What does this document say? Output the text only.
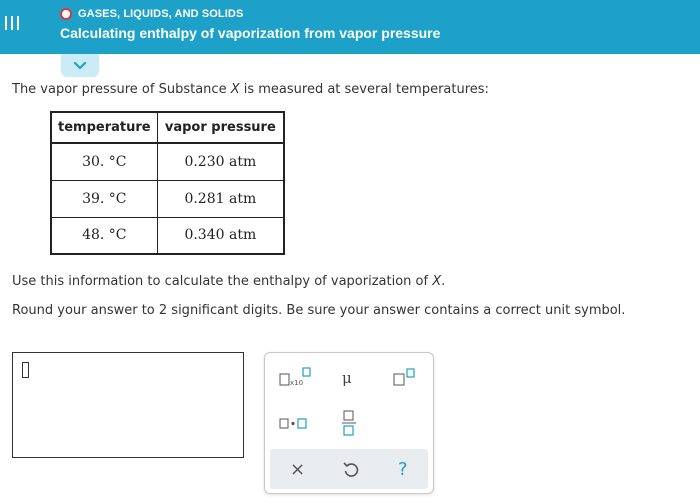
GASES, LIQUIDS, AND SOLIDS
Calculating enthalpy of vaporization from vapor pressure
The vapor pressure of Substance X is measured at several temperatures:
temperature	vapor pressure
30. °C	0.230 atm
39. °C	0.281 atm
48. °C	0.340 atm
Use this information to calculate the enthalpy of vaporization of X.
Round your answer to 2 significant digits. Be sure your answer contains a correct unit symbol.
x10	μ
×	?
